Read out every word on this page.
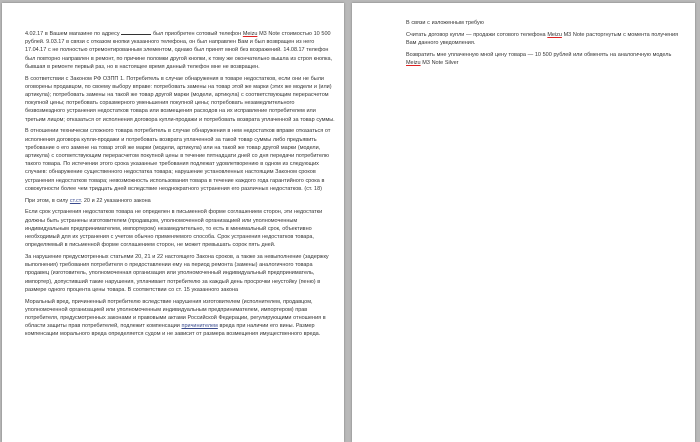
4.02.17 в Вашем магазине по адресу	был приобретен сотовый телефон Meizu M3 Note стоимостью 10 500 рублей. 9.03.17 в связи с отказом кнопки указанного телефона, он был направлен Вам и был возвращен из него 17.04.17 с не полностью отремонтированным элементом, однако был принят мной без возражений. 14.08.17 телефон был повторно направлен в ремонт, по причине поломки другой кнопки, к тому же окончательно вышла из строя кнопка, бывшая в ремонте первый раз, но в настоящее время данный телефон мне не возвращен.

В соответствии с Законом РФ ОЗПП 1. Потребитель в случае обнаружения в товаре недостатков, если они не были оговорены продавцом, по своему выбору вправе: потребовать замены на товар этой же марки (этих же модели и (или) артикула); потребовать замены на такой же товар другой марки (модели, артикула) с соответствующим перерасчетом покупной цены; потребовать соразмерного уменьшения покупной цены; потребовать незамедлительного безвозмездного устранения недостатков товара или возмещения расходов на их исправление потребителем или третьим лицом; отказаться от исполнения договора купли-продажи и потребовать возврата уплаченной за товар суммы.

В отношении технически сложного товара потребитель в случае обнаружения в нем недостатков вправе отказаться от исполнения договора купли-продажи и потребовать возврата уплаченной за такой товар суммы либо предъявить требование о его замене на товар этой же марки (модели, артикула) или на такой же товар другой марки (модели, артикула) с соответствующим перерасчетом покупной цены в течение пятнадцати дней со дня передачи потребителю такого товара. По истечении этого срока указанные требования подлежат удовлетворению в одном из следующих случаев: обнаружение существенного недостатка товара; нарушение установленных настоящим Законом сроков устранения недостатков товара; невозможность использования товара в течение каждого года гарантийного срока в совокупности более чем тридцать дней вследствие неоднократного устранения его различных недостатков. (ст. 18)

При этом, в силу ст.ст. 20 и 22 указанного закона

Если срок устранения недостатков товара не определен в письменной форме соглашением сторон, эти недостатки должны быть устранены изготовителем (продавцом, уполномоченной организацией или уполномоченным индивидуальным предпринимателем, импортером) незамедлительно, то есть в минимальный срок, объективно необходимый для их устранения с учетом обычно применяемого способа. Срок устранения недостатков товара, определяемый в письменной форме соглашением сторон, не может превышать сорок пять дней.

За нарушение предусмотренных статьями 20, 21 и 22 настоящего Закона сроков, а также за невыполнение (задержку выполнения) требования потребителя о предоставлении ему на период ремонта (замены) аналогичного товара продавец (изготовитель, уполномоченная организация или уполномоченный индивидуальный предприниматель, импортер), допустивший такие нарушения, уплачивает потребителю за каждый день просрочки неустойку (пеню) в размере одного процента цены товара. В соответствии со ст. 15 указанного закона

Моральный вред, причиненный потребителю вследствие нарушения изготовителем (исполнителем, продавцом, уполномоченной организацией или уполномоченным индивидуальным предпринимателем, импортером) прав потребителя, предусмотренных законами и правовыми актами Российской Федерации, регулирующими отношения в области защиты прав потребителей, подлежит компенсации причинителем вреда при наличии его вины. Размер компенсации морального вреда определяется судом и не зависит от размера возмещения имущественного вреда.

В связи с изложенным требую

Считать договор купли — продажи сотового телефона Meizu M3 Note расторгнутым с момента получения Вам данного уведомления.

Возвратить мне уплаченную мной цену товара — 10 500 рублей или обменять на аналогичную модель Meizu M3 Note Silver
